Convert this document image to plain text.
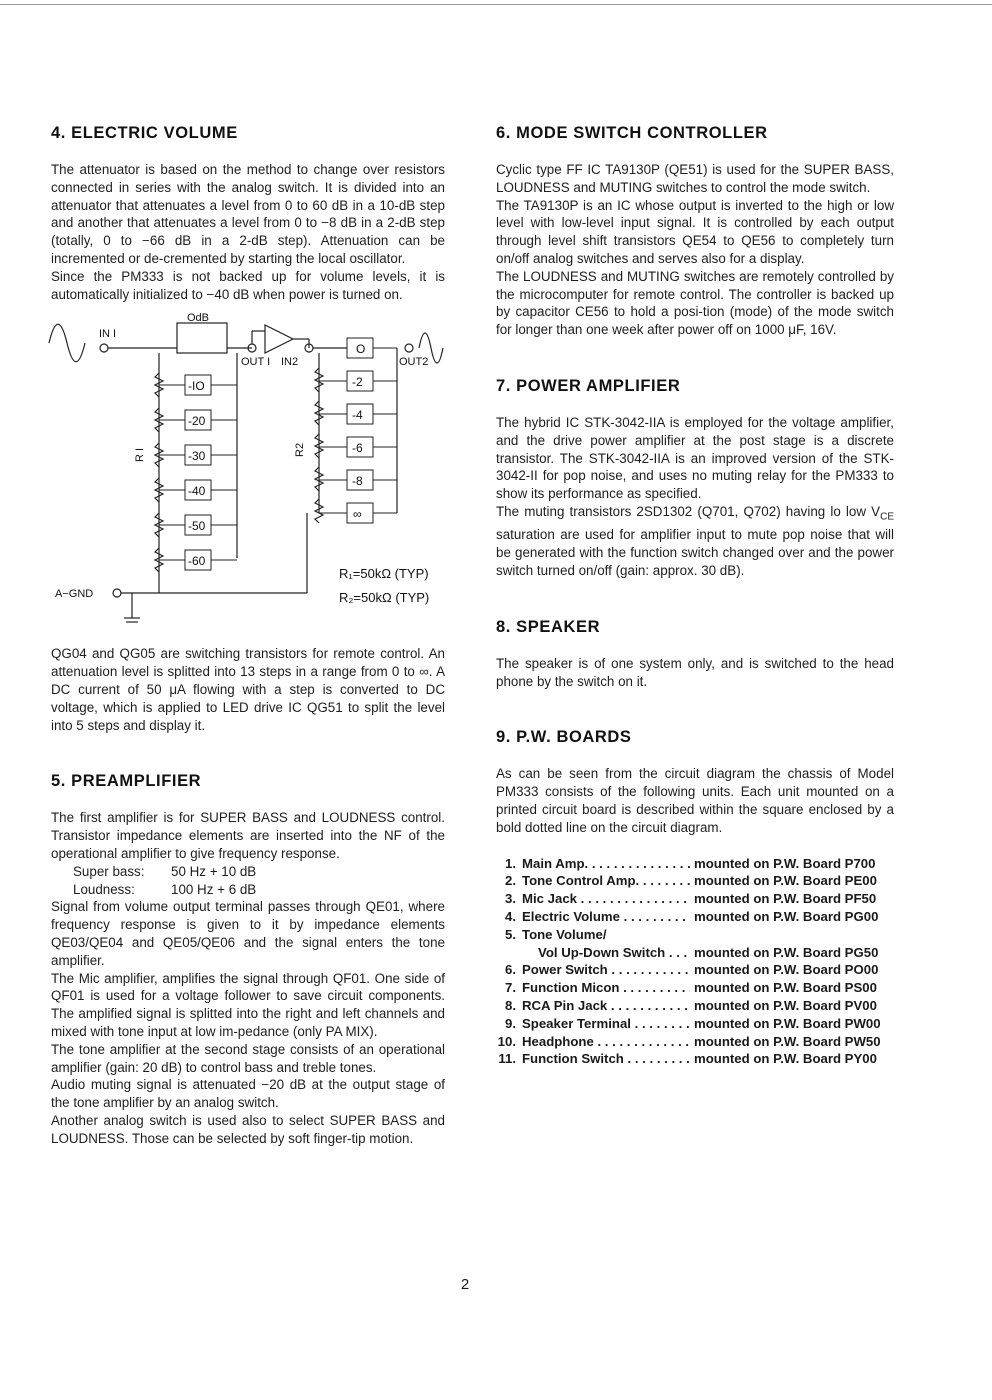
4. ELECTRIC VOLUME

The attenuator is based on the method to change over resistors connected in series with the analog switch. It is divided into an attenuator that attenuates a level from 0 to 60 dB in a 10-dB step and another that attenuates a level from 0 to −8 dB in a 2-dB step (totally, 0 to −66 dB in a 2-dB step). Attenuation can be incremented or de-cremented by starting the local oscillator.

Since the PM333 is not backed up for volume levels, it is automatically initialized to −40 dB when power is turned on.

-IO
-20
-30
-40
-50
-60
O
-2
-4
-6
-8
∞
IN I
OdB
OUT I IN2	OUT2
A−GND
R I	R2
R₁=50kΩ (TYP)
R₂=50kΩ (TYP)

QG04 and QG05 are switching transistors for remote control. An attenuation level is splitted into 13 steps in a range from 0 to ∞. A DC current of 50 μA flowing with a step is converted to DC voltage, which is applied to LED drive IC QG51 to split the level into 5 steps and display it.

5. PREAMPLIFIER

The first amplifier is for SUPER BASS and LOUDNESS control. Transistor impedance elements are inserted into the NF of the operational amplifier to give frequency response.

Super bass: 50 Hz + 10 dB

Loudness:	100 Hz + 6 dB

Signal from volume output terminal passes through QE01, where frequency response is given to it by impedance elements QE03/QE04 and QE05/QE06 and the signal enters the tone amplifier.

The Mic amplifier, amplifies the signal through QF01. One side of QF01 is used for a voltage follower to save circuit components. The amplified signal is splitted into the right and left channels and mixed with tone input at low im-pedance (only PA MIX).

The tone amplifier at the second stage consists of an operational amplifier (gain: 20 dB) to control bass and treble tones.

Audio muting signal is attenuated −20 dB at the output stage of the tone amplifier by an analog switch.

Another analog switch is used also to select SUPER BASS and LOUDNESS. Those can be selected by soft finger-tip motion.

6. MODE SWITCH CONTROLLER

Cyclic type FF IC TA9130P (QE51) is used for the SUPER BASS, LOUDNESS and MUTING switches to control the mode switch.

The TA9130P is an IC whose output is inverted to the high or low level with low-level input signal. It is controlled by each output through level shift transistors QE54 to QE56 to completely turn on/off analog switches and serves also for a display.

The LOUDNESS and MUTING switches are remotely controlled by the microcomputer for remote control. The controller is backed up by capacitor CE56 to hold a posi-tion (mode) of the mode switch for longer than one week after power off on 1000 μF, 16V.

7. POWER AMPLIFIER

The hybrid IC STK-3042-IIA is employed for the voltage amplifier, and the drive power amplifier at the post stage is a discrete transistor. The STK-3042-IIA is an improved version of the STK-3042-II for pop noise, and uses no muting relay for the PM333 to show its performance as specified.

The muting transistors 2SD1302 (Q701, Q702) having lo low $V_{CE}$ saturation are used for amplifier input to mute pop noise that will be generated with the function switch changed over and the power switch turned on/off (gain: approx. 30 dB).

8. SPEAKER

The speaker is of one system only, and is switched to the head phone by the switch on it.

9. P.W. BOARDS

As can be seen from the circuit diagram the chassis of Model PM333 consists of the following units. Each unit mounted on a printed circuit board is described within the square enclosed by a bold dotted line on the circuit diagram.

1. Main Amp. . . .	mounted on P.W. Board P700
2. Tone Control Amp. . . .	mounted on P.W. Board PE00
3. Mic Jack . . .	mounted on P.W. Board PF50
4. Electric Volume . . .	mounted on P.W. Board PG00
5. Tone Volume/
Vol Up-Down Switch . . .	mounted on P.W. Board PG50
6. Power Switch . . .	mounted on P.W. Board PO00
7. Function Micon . . .	mounted on P.W. Board PS00
8. RCA Pin Jack . . .	mounted on P.W. Board PV00
9. Speaker Terminal . . .	mounted on P.W. Board PW00
10. Headphone . . .	mounted on P.W. Board PW50
11. Function Switch . . .	mounted on P.W. Board PY00
2
